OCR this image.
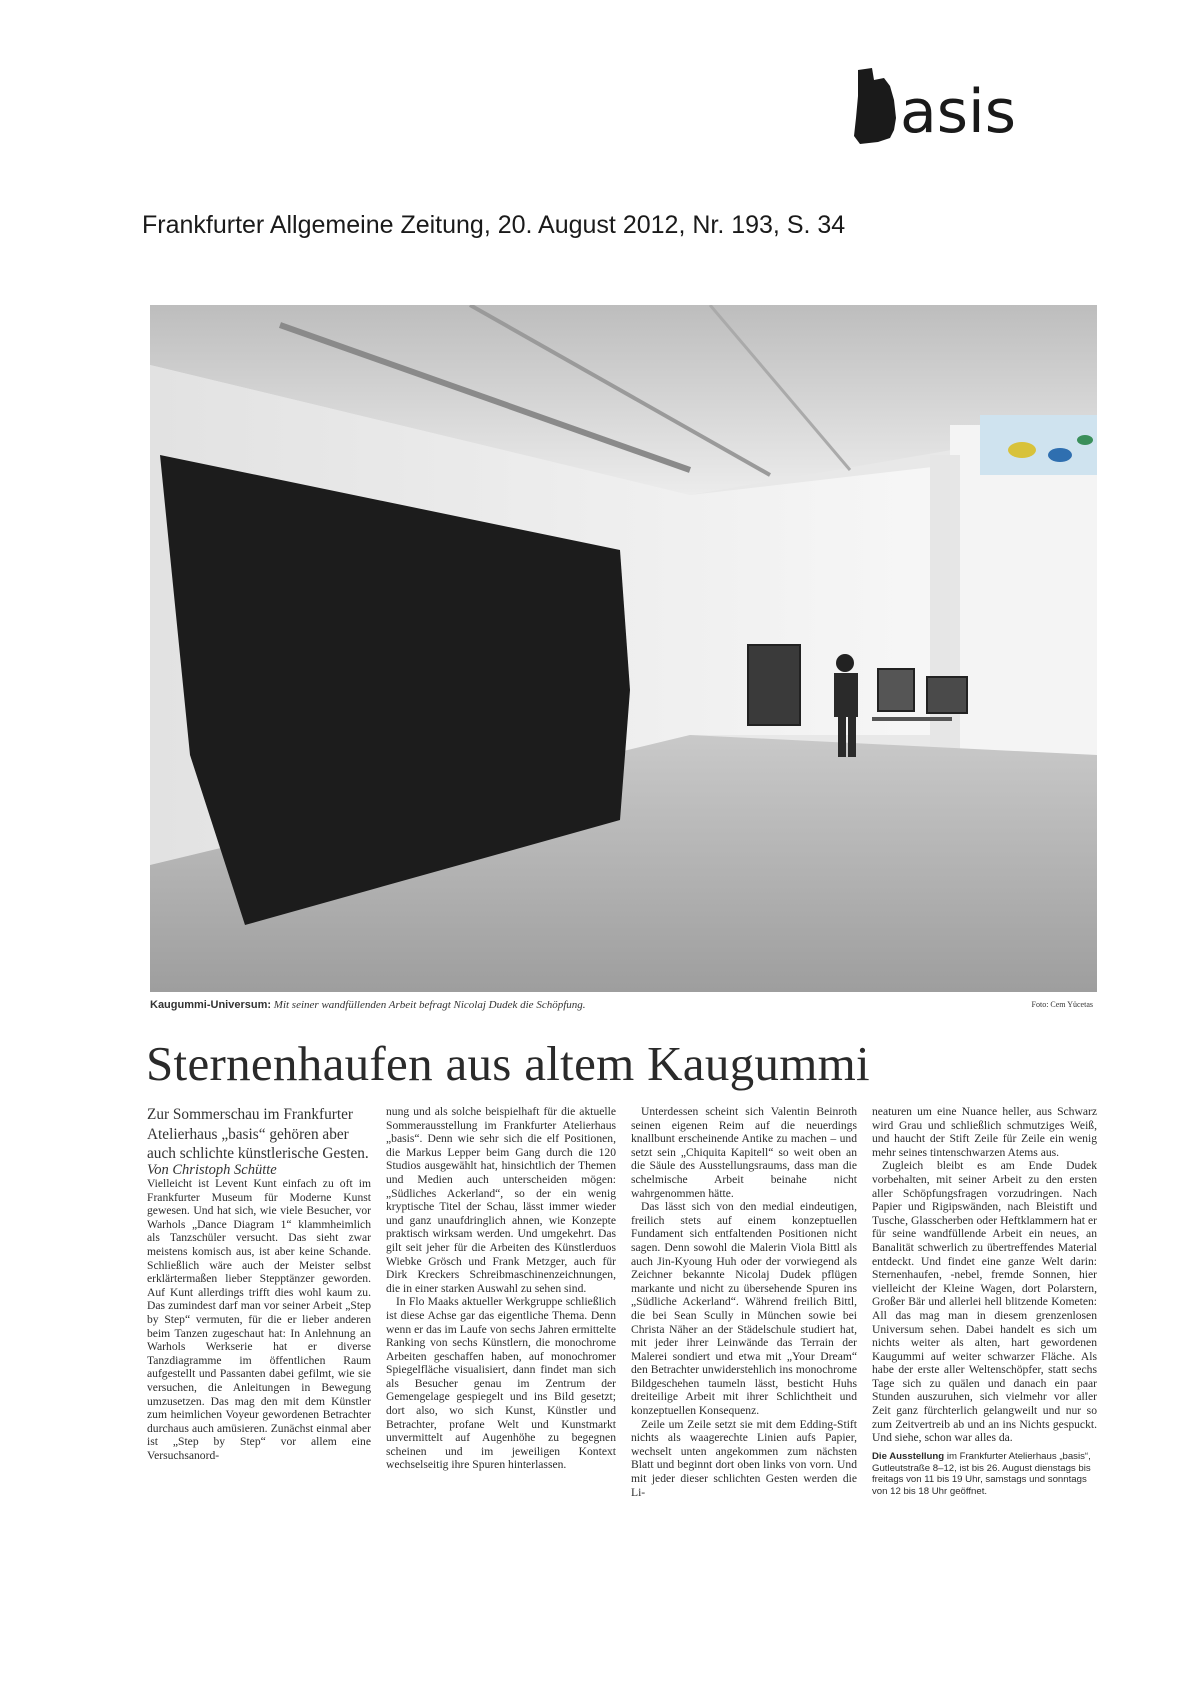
asis
Frankfurter Allgemeine Zeitung, 20. August 2012, Nr. 193, S. 34
Kaugummi-Universum: Mit seiner wandfüllenden Arbeit befragt Nicolaj Dudek die Schöpfung.	Foto: Cem Yücetas
Sternenhaufen aus altem Kaugummi

Zur Sommerschau im Frankfurter Atelierhaus „basis“ gehören aber auch schlichte künstlerische Gesten.

Von Christoph Schütte

Vielleicht ist Levent Kunt einfach zu oft im Frankfurter Museum für Moderne Kunst gewesen. Und hat sich, wie viele Besucher, vor Warhols „Dance Diagram 1“ klammheimlich als Tanzschüler versucht. Das sieht zwar meistens komisch aus, ist aber keine Schande. Schließlich wäre auch der Meister selbst erklärtermaßen lieber Stepptänzer geworden. Auf Kunt allerdings trifft dies wohl kaum zu. Das zumindest darf man vor seiner Arbeit „Step by Step“ vermuten, für die er lieber anderen beim Tanzen zugeschaut hat: In Anlehnung an Warhols Werkserie hat er diverse Tanzdiagramme im öffentlichen Raum aufgestellt und Passanten dabei gefilmt, wie sie versuchen, die Anleitungen in Bewegung umzusetzen. Das mag den mit dem Künstler zum heimlichen Voyeur gewordenen Betrachter durchaus auch amüsieren. Zunächst einmal aber ist „Step by Step“ vor allem eine Versuchsanord-

nung und als solche beispielhaft für die aktuelle Sommerausstellung im Frankfurter Atelierhaus „basis“. Denn wie sehr sich die elf Positionen, die Markus Lepper beim Gang durch die 120 Studios ausgewählt hat, hinsichtlich der Themen und Medien auch unterscheiden mögen: „Südliches Ackerland“, so der ein wenig kryptische Titel der Schau, lässt immer wieder und ganz unaufdringlich ahnen, wie Konzepte praktisch wirksam werden. Und umgekehrt. Das gilt seit jeher für die Arbeiten des Künstlerduos Wiebke Grösch und Frank Metzger, auch für Dirk Kreckers Schreibmaschinenzeichnungen, die in einer starken Auswahl zu sehen sind.

In Flo Maaks aktueller Werkgruppe schließlich ist diese Achse gar das eigentliche Thema. Denn wenn er das im Laufe von sechs Jahren ermittelte Ranking von sechs Künstlern, die monochrome Arbeiten geschaffen haben, auf monochromer Spiegelfläche visualisiert, dann findet man sich als Besucher genau im Zentrum der Gemengelage gespiegelt und ins Bild gesetzt; dort also, wo sich Kunst, Künstler und Betrachter, profane Welt und Kunstmarkt unvermittelt auf Augenhöhe zu begegnen scheinen und im jeweiligen Kontext wechselseitig ihre Spuren hinterlassen.

Unterdessen scheint sich Valentin Beinroth seinen eigenen Reim auf die neuerdings knallbunt erscheinende Antike zu machen – und setzt sein „Chiquita Kapitell“ so weit oben an die Säule des Ausstellungsraums, dass man die schelmische Arbeit beinahe nicht wahrgenommen hätte.

Das lässt sich von den medial eindeutigen, freilich stets auf einem konzeptuellen Fundament sich entfaltenden Positionen nicht sagen. Denn sowohl die Malerin Viola Bittl als auch Jin-Kyoung Huh oder der vorwiegend als Zeichner bekannte Nicolaj Dudek pflügen markante und nicht zu übersehende Spuren ins „Südliche Ackerland“. Während freilich Bittl, die bei Sean Scully in München sowie bei Christa Näher an der Städelschule studiert hat, mit jeder ihrer Leinwände das Terrain der Malerei sondiert und etwa mit „Your Dream“ den Betrachter unwiderstehlich ins monochrome Bildgeschehen taumeln lässt, besticht Huhs dreiteilige Arbeit mit ihrer Schlichtheit und konzeptuellen Konsequenz.

Zeile um Zeile setzt sie mit dem Edding-Stift nichts als waagerechte Linien aufs Papier, wechselt unten angekommen zum nächsten Blatt und beginnt dort oben links von vorn. Und mit jeder dieser schlichten Gesten werden die Li-

neaturen um eine Nuance heller, aus Schwarz wird Grau und schließlich schmutziges Weiß, und haucht der Stift Zeile für Zeile ein wenig mehr seines tintenschwarzen Atems aus.

Zugleich bleibt es am Ende Dudek vorbehalten, mit seiner Arbeit zu den ersten aller Schöpfungsfragen vorzudringen. Nach Papier und Rigipswänden, nach Bleistift und Tusche, Glasscherben oder Heftklammern hat er für seine wandfüllende Arbeit ein neues, an Banalität schwerlich zu übertreffendes Material entdeckt. Und findet eine ganze Welt darin: Sternenhaufen, -nebel, fremde Sonnen, hier vielleicht der Kleine Wagen, dort Polarstern, Großer Bär und allerlei hell blitzende Kometen: All das mag man in diesem grenzenlosen Universum sehen. Dabei handelt es sich um nichts weiter als alten, hart gewordenen Kaugummi auf weiter schwarzer Fläche. Als habe der erste aller Weltenschöpfer, statt sechs Tage sich zu quälen und danach ein paar Stunden auszuruhen, sich vielmehr vor aller Zeit ganz fürchterlich gelangweilt und nur so zum Zeitvertreib ab und an ins Nichts gespuckt. Und siehe, schon war alles da.

Die Ausstellung im Frankfurter Atelierhaus „basis“, Gutleutstraße 8–12, ist bis 26. August dienstags bis freitags von 11 bis 19 Uhr, samstags und sonntags von 12 bis 18 Uhr geöffnet.
